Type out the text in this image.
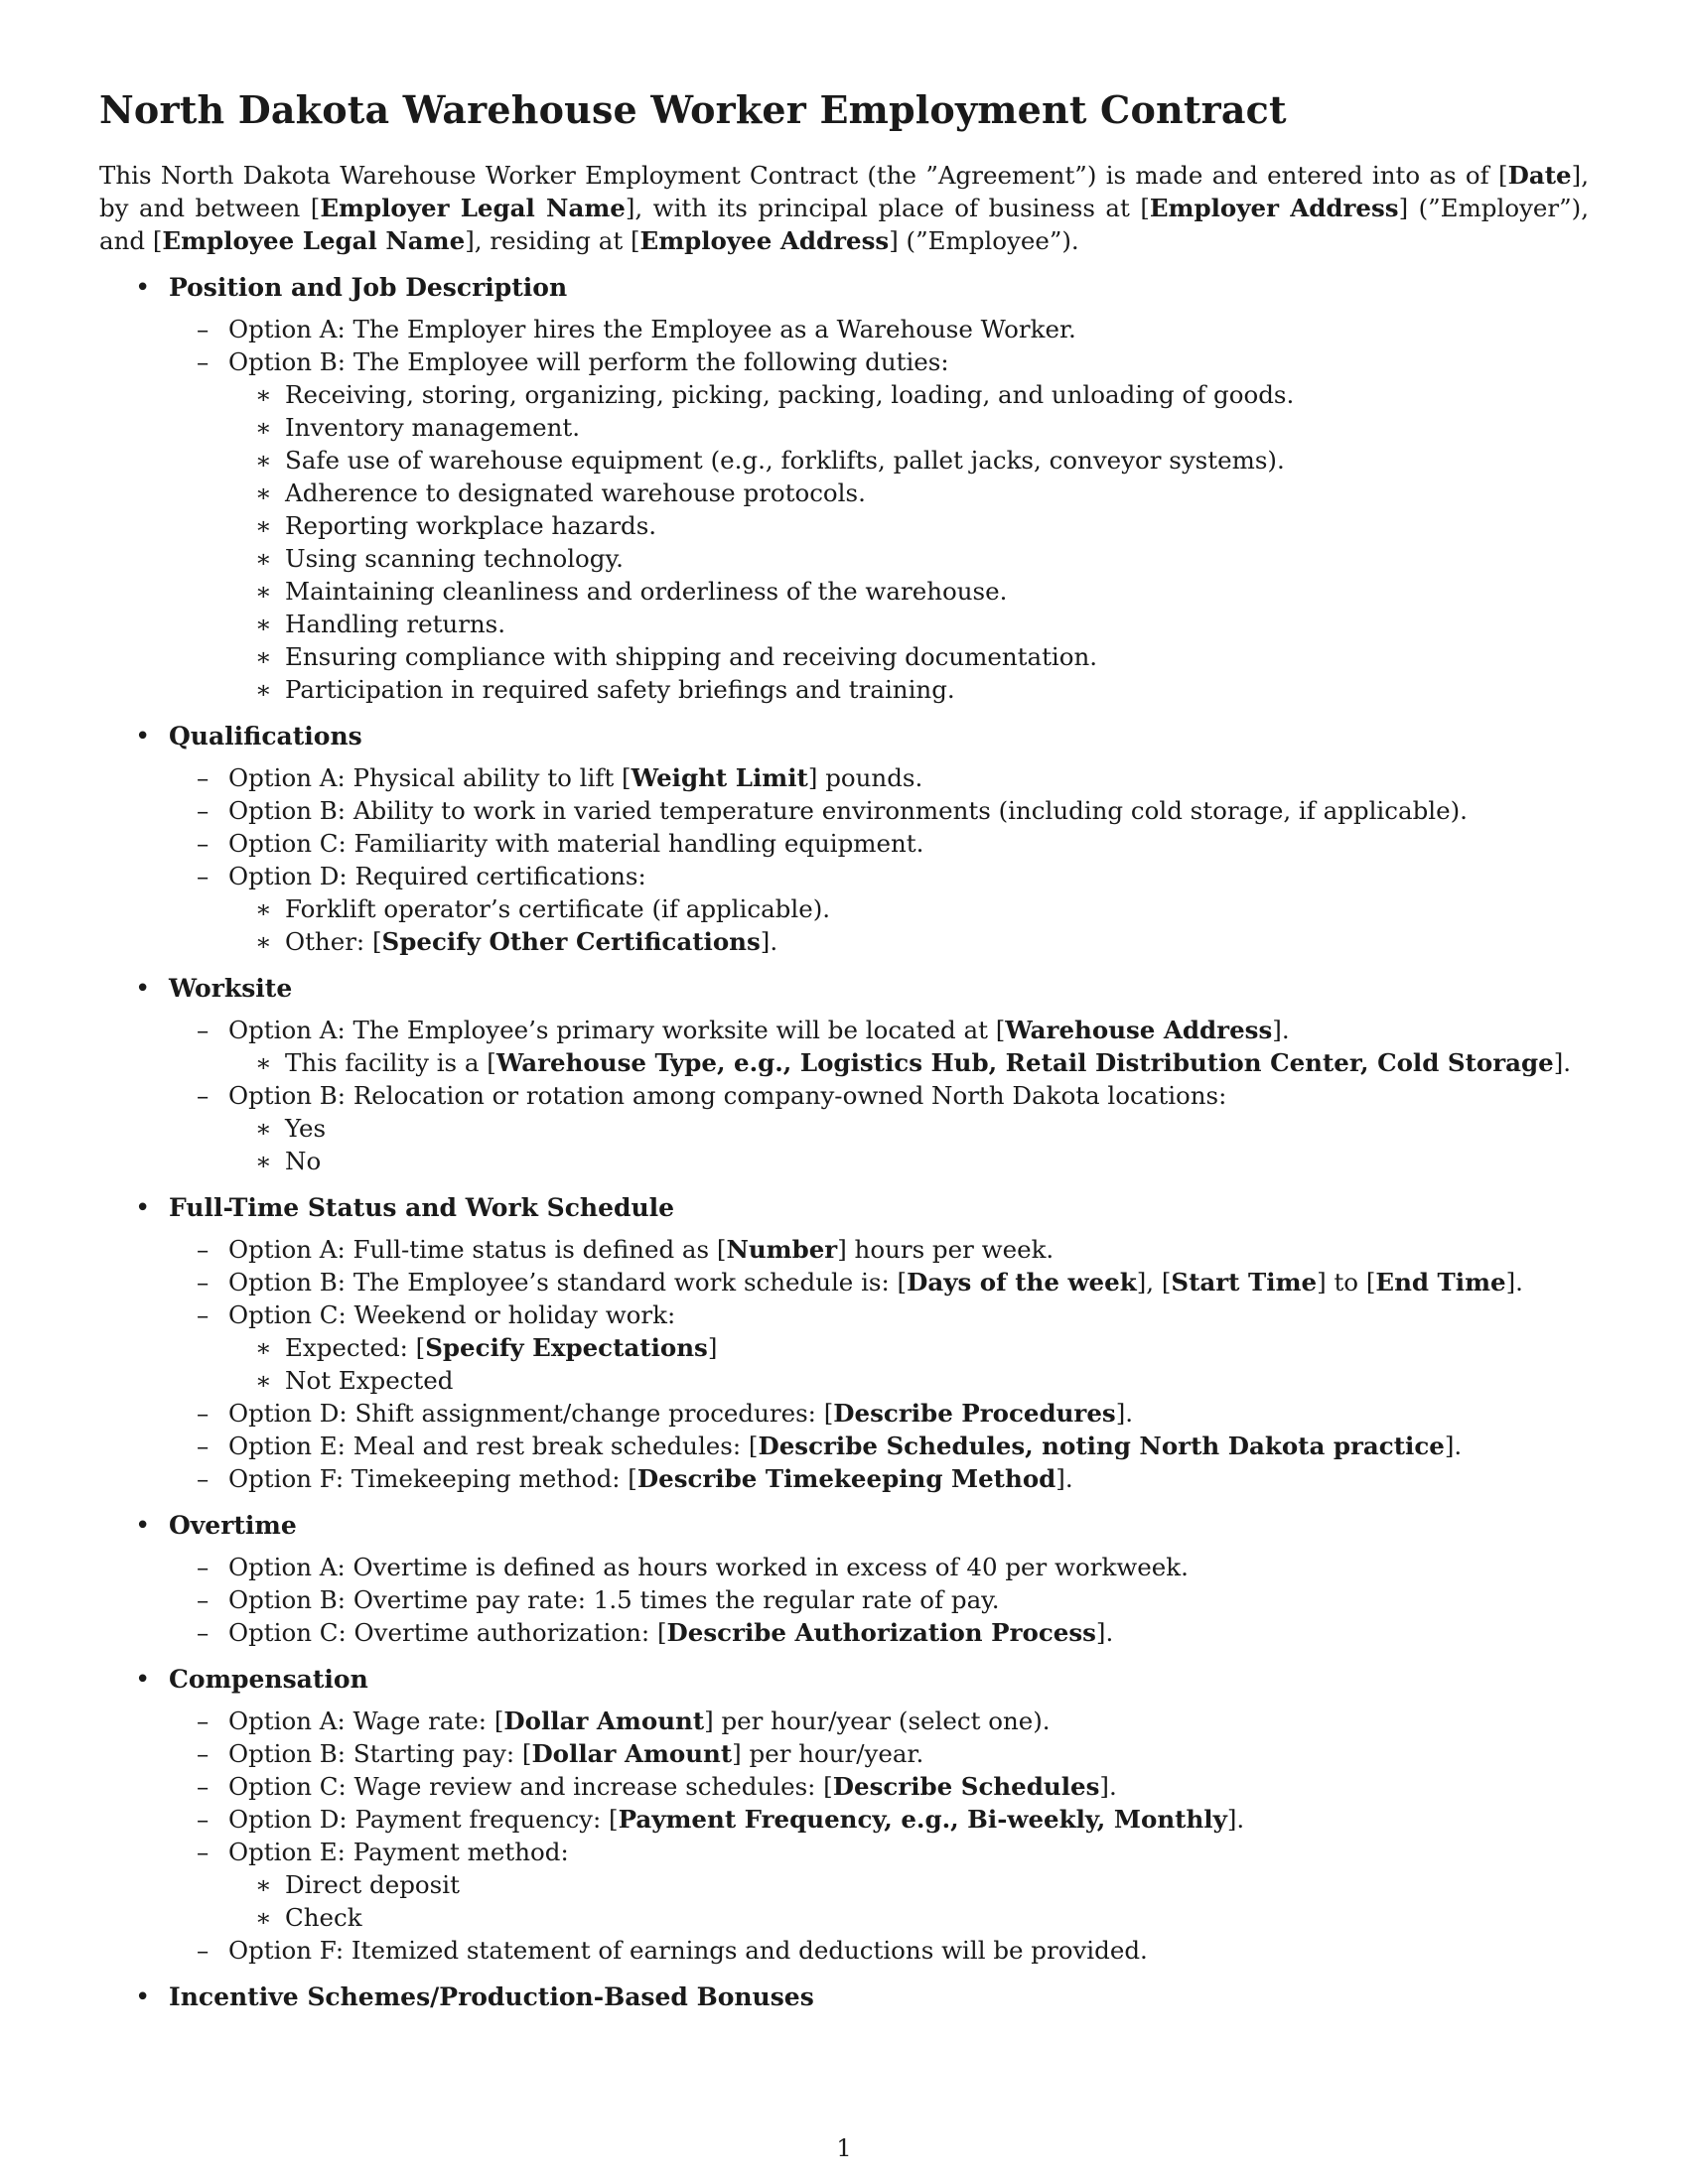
North Dakota Warehouse Worker Employment Contract

This North Dakota Warehouse Worker Employment Contract (the ”Agreement”) is made and entered into as of [Date], by and between [Employer Legal Name], with its principal place of business at [Employer Address] (”Employer”), and [Employee Legal Name], residing at [Employee Address] (”Employee”).

• Position and Job Description
– Option A: The Employer hires the Employee as a Warehouse Worker.
– Option B: The Employee will perform the following duties:
∗ Receiving, storing, organizing, picking, packing, loading, and unloading of goods.
∗ Inventory management.
∗ Safe use of warehouse equipment (e.g., forklifts, pallet jacks, conveyor systems).
∗ Adherence to designated warehouse protocols.
∗ Reporting workplace hazards.
∗ Using scanning technology.
∗ Maintaining cleanliness and orderliness of the warehouse.
∗ Handling returns.
∗ Ensuring compliance with shipping and receiving documentation.
∗ Participation in required safety briefings and training.
• Qualifications
– Option A: Physical ability to lift [Weight Limit] pounds.
– Option B: Ability to work in varied temperature environments (including cold storage, if applicable).
– Option C: Familiarity with material handling equipment.
– Option D: Required certifications:
∗ Forklift operator’s certificate (if applicable).
∗ Other: [Specify Other Certifications].
• Worksite
– Option A: The Employee’s primary worksite will be located at [Warehouse Address].
∗ This facility is a [Warehouse Type, e.g., Logistics Hub, Retail Distribution Center, Cold Storage].
– Option B: Relocation or rotation among company-owned North Dakota locations:
∗ Yes
∗ No
• Full-Time Status and Work Schedule
– Option A: Full-time status is defined as [Number] hours per week.
– Option B: The Employee’s standard work schedule is: [Days of the week], [Start Time] to [End Time].
– Option C: Weekend or holiday work:
∗ Expected: [Specify Expectations]
∗ Not Expected
– Option D: Shift assignment/change procedures: [Describe Procedures].
– Option E: Meal and rest break schedules: [Describe Schedules, noting North Dakota practice].
– Option F: Timekeeping method: [Describe Timekeeping Method].
• Overtime
– Option A: Overtime is defined as hours worked in excess of 40 per workweek.
– Option B: Overtime pay rate: 1.5 times the regular rate of pay.
– Option C: Overtime authorization: [Describe Authorization Process].
• Compensation
– Option A: Wage rate: [Dollar Amount] per hour/year (select one).
– Option B: Starting pay: [Dollar Amount] per hour/year.
– Option C: Wage review and increase schedules: [Describe Schedules].
– Option D: Payment frequency: [Payment Frequency, e.g., Bi-weekly, Monthly].
– Option E: Payment method:
∗ Direct deposit
∗ Check
– Option F: Itemized statement of earnings and deductions will be provided.
• Incentive Schemes/Production-Based Bonuses
1
